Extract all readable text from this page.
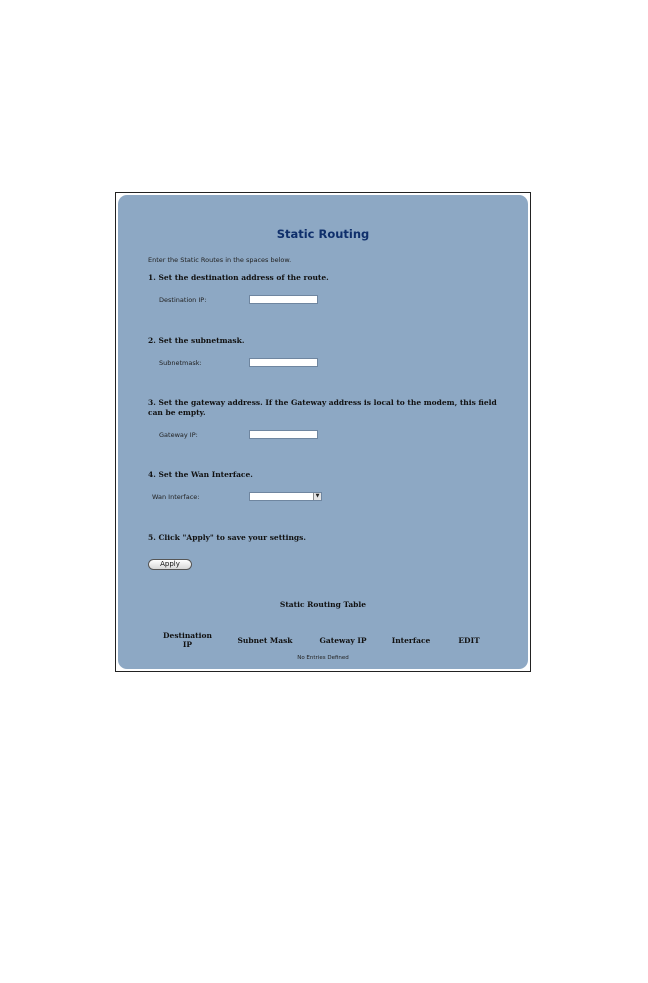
Static Routing
Enter the Static Routes in the spaces below.
1. Set the destination address of the route.
Destination IP:
2. Set the subnetmask.
Subnetmask:
3. Set the gateway address. If the Gateway address is local to the modem, this field can be empty.
Gateway IP:
4. Set the Wan Interface.
Wan Interface:	▼
5. Click "Apply" to save your settings.
Apply
Static Routing Table
Destination IP	Subnet Mask	Gateway IP	Interface	EDIT
No Entries Defined
